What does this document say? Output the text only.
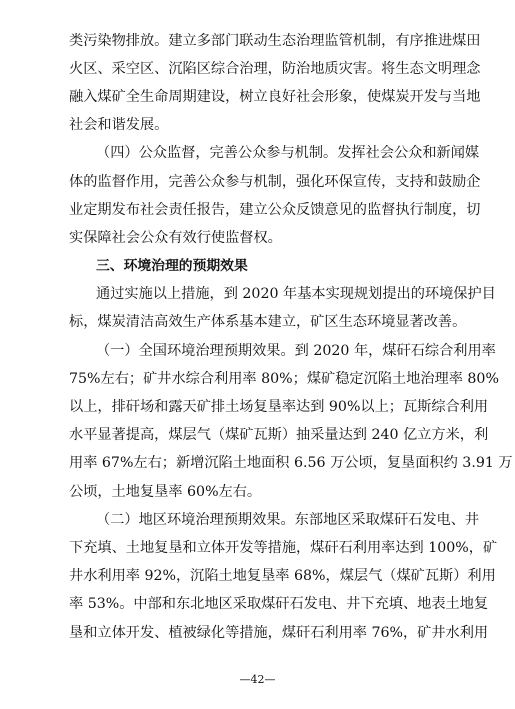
类污染物排放。建立多部门联动生态治理监管机制，有序推进煤田
火区、采空区、沉陷区综合治理，防治地质灾害。将生态文明理念
融入煤矿全生命周期建设，树立良好社会形象，使煤炭开发与当地
社会和谐发展。
（四）公众监督，完善公众参与机制。发挥社会公众和新闻媒
体的监督作用，完善公众参与机制，强化环保宣传，支持和鼓励企
业定期发布社会责任报告，建立公众反馈意见的监督执行制度，切
实保障社会公众有效行使监督权。
三、环境治理的预期效果
通过实施以上措施，到 2020 年基本实现规划提出的环境保护目
标，煤炭清洁高效生产体系基本建立，矿区生态环境显著改善。
（一）全国环境治理预期效果。到 2020 年，煤矸石综合利用率
75%左右；矿井水综合利用率 80%；煤矿稳定沉陷土地治理率 80%
以上，排矸场和露天矿排土场复垦率达到 90%以上；瓦斯综合利用
水平显著提高，煤层气（煤矿瓦斯）抽采量达到 240 亿立方米，利
用率 67%左右；新增沉陷土地面积 6.56 万公顷，复垦面积约 3.91 万
公顷，土地复垦率 60%左右。
（二）地区环境治理预期效果。东部地区采取煤矸石发电、井
下充填、土地复垦和立体开发等措施，煤矸石利用率达到 100%，矿
井水利用率 92%，沉陷土地复垦率 68%，煤层气（煤矿瓦斯）利用
率 53%。中部和东北地区采取煤矸石发电、井下充填、地表土地复
垦和立体开发、植被绿化等措施，煤矸石利用率 76%，矿井水利用
—42—
